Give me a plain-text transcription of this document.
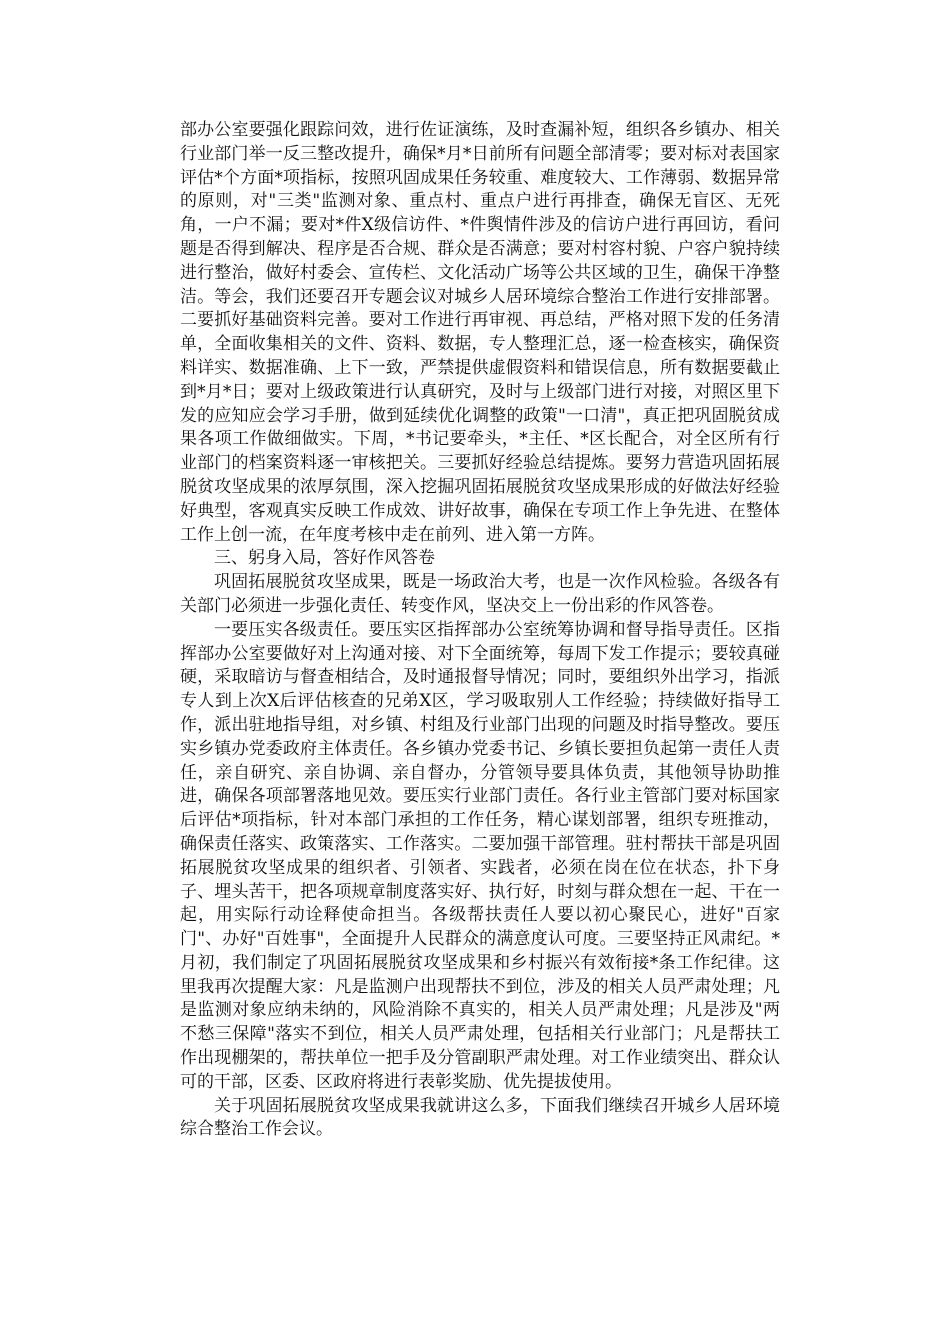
部办公室要强化跟踪问效，进行佐证演练，及时查漏补短，组织各乡镇办、相关行业部门举一反三整改提升，确保*月*日前所有问题全部清零；要对标对表国家评估*个方面*项指标，按照巩固成果任务较重、难度较大、工作薄弱、数据异常的原则，对"三类"监测对象、重点村、重点户进行再排查，确保无盲区、无死角，一户不漏；要对*件X级信访件、*件舆情件涉及的信访户进行再回访，看问题是否得到解决、程序是否合规、群众是否满意；要对村容村貌、户容户貌持续进行整治，做好村委会、宣传栏、文化活动广场等公共区域的卫生，确保干净整洁。等会，我们还要召开专题会议对城乡人居环境综合整治工作进行安排部署。二要抓好基础资料完善。要对工作进行再审视、再总结，严格对照下发的任务清单，全面收集相关的文件、资料、数据，专人整理汇总，逐一检查核实，确保资料详实、数据准确、上下一致，严禁提供虚假资料和错误信息，所有数据要截止到*月*日；要对上级政策进行认真研究，及时与上级部门进行对接，对照区里下发的应知应会学习手册，做到延续优化调整的政策"一口清"，真正把巩固脱贫成果各项工作做细做实。下周，*书记要牵头，*主任、*区长配合，对全区所有行业部门的档案资料逐一审核把关。三要抓好经验总结提炼。要努力营造巩固拓展脱贫攻坚成果的浓厚氛围，深入挖掘巩固拓展脱贫攻坚成果形成的好做法好经验好典型，客观真实反映工作成效、讲好故事，确保在专项工作上争先进、在整体工作上创一流，在年度考核中走在前列、进入第一方阵。

三、躬身入局，答好作风答卷

巩固拓展脱贫攻坚成果，既是一场政治大考，也是一次作风检验。各级各有关部门必须进一步强化责任、转变作风，坚决交上一份出彩的作风答卷。

一要压实各级责任。要压实区指挥部办公室统筹协调和督导指导责任。区指挥部办公室要做好对上沟通对接、对下全面统筹，每周下发工作提示；要较真碰硬，采取暗访与督查相结合，及时通报督导情况；同时，要组织外出学习，指派专人到上次X后评估核查的兄弟X区，学习吸取别人工作经验；持续做好指导工作，派出驻地指导组，对乡镇、村组及行业部门出现的问题及时指导整改。要压实乡镇办党委政府主体责任。各乡镇办党委书记、乡镇长要担负起第一责任人责任，亲自研究、亲自协调、亲自督办，分管领导要具体负责，其他领导协助推进，确保各项部署落地见效。要压实行业部门责任。各行业主管部门要对标国家后评估*项指标，针对本部门承担的工作任务，精心谋划部署，组织专班推动，确保责任落实、政策落实、工作落实。二要加强干部管理。驻村帮扶干部是巩固拓展脱贫攻坚成果的组织者、引领者、实践者，必须在岗在位在状态，扑下身子、埋头苦干，把各项规章制度落实好、执行好，时刻与群众想在一起、干在一起，用实际行动诠释使命担当。各级帮扶责任人要以初心聚民心，进好"百家门"、办好"百姓事"，全面提升人民群众的满意度认可度。三要坚持正风肃纪。*月初，我们制定了巩固拓展脱贫攻坚成果和乡村振兴有效衔接*条工作纪律。这里我再次提醒大家：凡是监测户出现帮扶不到位，涉及的相关人员严肃处理；凡是监测对象应纳未纳的，风险消除不真实的，相关人员严肃处理；凡是涉及"两不愁三保障"落实不到位，相关人员严肃处理，包括相关行业部门；凡是帮扶工作出现棚架的，帮扶单位一把手及分管副职严肃处理。对工作业绩突出、群众认可的干部，区委、区政府将进行表彰奖励、优先提拔使用。

关于巩固拓展脱贫攻坚成果我就讲这么多，下面我们继续召开城乡人居环境综合整治工作会议。
